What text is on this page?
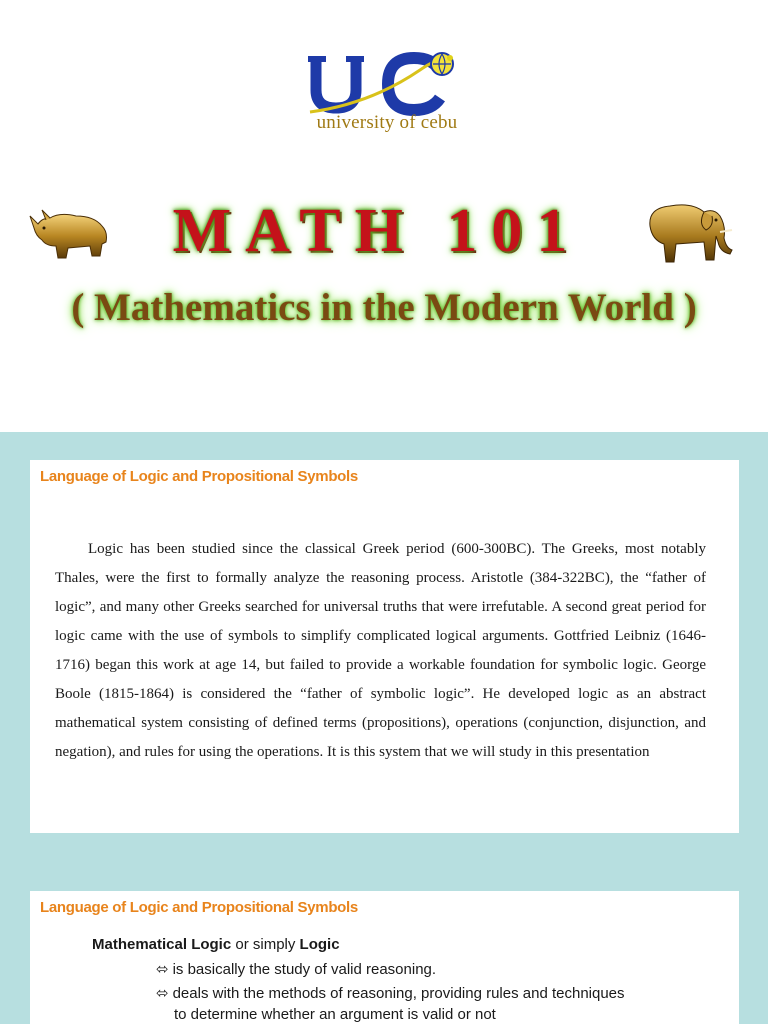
university of cebu
MATH 101
( Mathematics in the Modern World )
Language of Logic and Propositional Symbols
Logic has been studied since the classical Greek period (600-300BC). The Greeks, most notably Thales, were the first to formally analyze the reasoning process. Aristotle (384-322BC), the “father of logic”, and many other Greeks searched for universal truths that were irrefutable. A second great period for logic came with the use of symbols to simplify complicated logical arguments. Gottfried Leibniz (1646-1716) began this work at age 14, but failed to provide a workable foundation for symbolic logic. George Boole (1815-1864) is considered the “father of symbolic logic”. He developed logic as an abstract mathematical system consisting of defined terms (propositions), operations (conjunction, disjunction, and negation), and rules for using the operations. It is this system that we will study in this presentation
Language of Logic and Propositional Symbols
Mathematical Logic or simply Logic
⬄ is basically the study of valid reasoning.
⬄ deals with the methods of reasoning, providing rules and techniques
to determine whether an argument is valid or not
